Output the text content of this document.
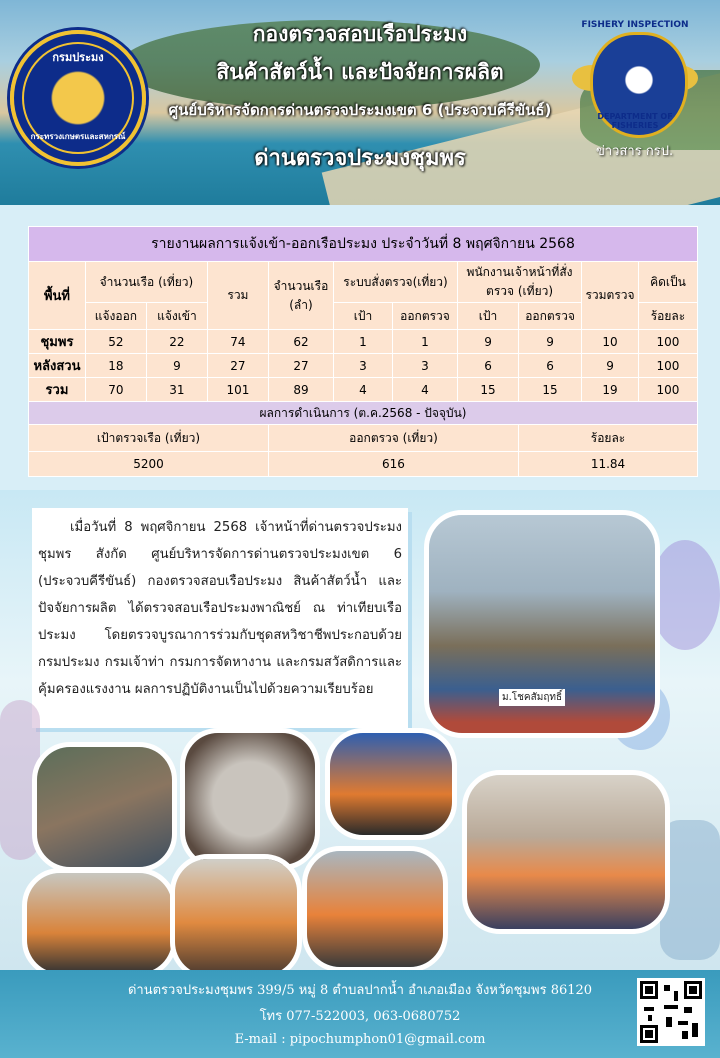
กรมประมง
กระทรวงเกษตรและสหกรณ์
กองตรวจสอบเรือประมง
สินค้าสัตว์น้ำ และปัจจัยการผลิต
ศูนย์บริหารจัดการด่านตรวจประมงเขต 6 (ประจวบคีรีขันธ์)
ด่านตรวจประมงชุมพร
FISHERY INSPECTION
DEPARTMENT OF FISHERIES
ข่าวสาร กรป.
รายงานผลการแจ้งเข้า-ออกเรือประมง ประจำวันที่ 8 พฤศจิกายน 2568										
พื้นที่	จำนวนเรือ (เที่ยว)		รวม	จำนวนเรือ (ลำ)	ระบบสั่งตรวจ(เที่ยว)		พนักงานเจ้าหน้าที่สั่งตรวจ (เที่ยว)		รวมตรวจ	คิดเป็น
	แจ้งออก	แจ้งเข้า			เป้า	ออกตรวจ	เป้า	ออกตรวจ		ร้อยละ
ชุมพร	52	22	74	62	1	1	9	9	10	100
หลังสวน	18	9	27	27	3	3	6	6	9	100
รวม	70	31	101	89	4	4	15	15	19	100
ผลการดำเนินการ (ต.ค.2568 - ปัจจุบัน)										
เป้าตรวจเรือ (เที่ยว)				ออกตรวจ (เที่ยว)				ร้อยละ		
5200				616				11.84		
เมื่อวันที่ 8 พฤศจิกายน 2568 เจ้าหน้าที่ด่านตรวจประมงชุมพร สังกัด ศูนย์บริหารจัดการด่านตรวจประมงเขต 6 (ประจวบคีรีขันธ์) กองตรวจสอบเรือประมง สินค้าสัตว์น้ำ และปัจจัยการผลิต ได้ตรวจสอบเรือประมงพาณิชย์ ณ ท่าเทียบเรือประมง โดยตรวจบูรณาการร่วมกับชุดสหวิชาชีพประกอบด้วย กรมประมง กรมเจ้าท่า กรมการจัดหางาน และกรมสวัสดิการและคุ้มครองแรงงาน ผลการปฏิบัติงานเป็นไปด้วยความเรียบร้อย
ม.โชคสัมฤทธิ์
ด่านตรวจประมงชุมพร 399/5 หมู่ 8 ตำบลปากน้ำ อำเภอเมือง จังหวัดชุมพร 86120
โทร 077-522003, 063-0680752
E-mail : pipochumphon01@gmail.com
